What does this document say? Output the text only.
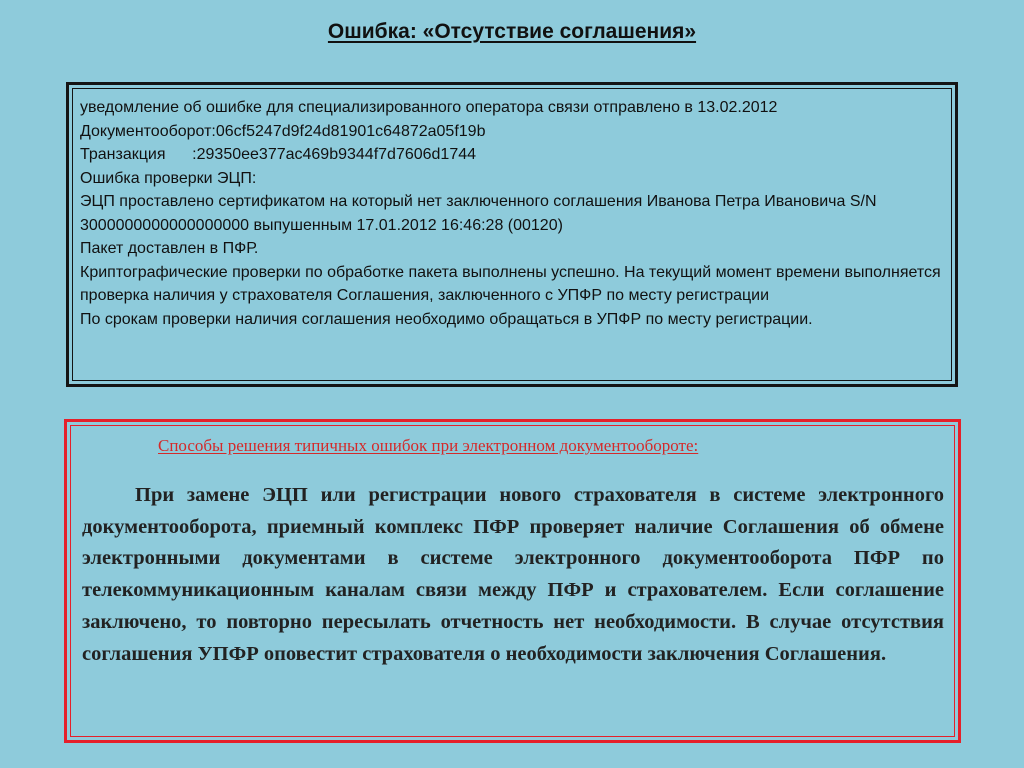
Ошибка: «Отсутствие соглашения»
уведомление об ошибке для специализированного оператора связи отправлено в 13.02.2012
Документооборот:06cf5247d9f24d81901c64872a05f19b
Транзакция      :29350ee377ac469b9344f7d7606d1744
Ошибка проверки ЭЦП:
ЭЦП проставлено сертификатом на который нет заключенного соглашения Иванова Петра Ивановича S/N 3000000000000000000 выпушенным 17.01.2012 16:46:28 (00120)
Пакет доставлен в ПФР.
Криптографические проверки по обработке пакета выполнены успешно. На текущий момент времени выполняется проверка наличия у страхователя Соглашения, заключенного с УПФР по месту регистрации
По срокам проверки наличия соглашения необходимо обращаться в УПФР по месту регистрации.
Способы решения типичных ошибок при электронном документообороте:

При замене ЭЦП или регистрации нового страхователя в системе электронного документооборота, приемный комплекс ПФР проверяет наличие Соглашения об обмене электронными документами в системе электронного документооборота ПФР по телекоммуникационным каналам связи между ПФР и страхователем. Если соглашение заключено, то повторно пересылать отчетность нет необходимости. В случае отсутствия соглашения УПФР оповестит страхователя о необходимости заключения Соглашения.
